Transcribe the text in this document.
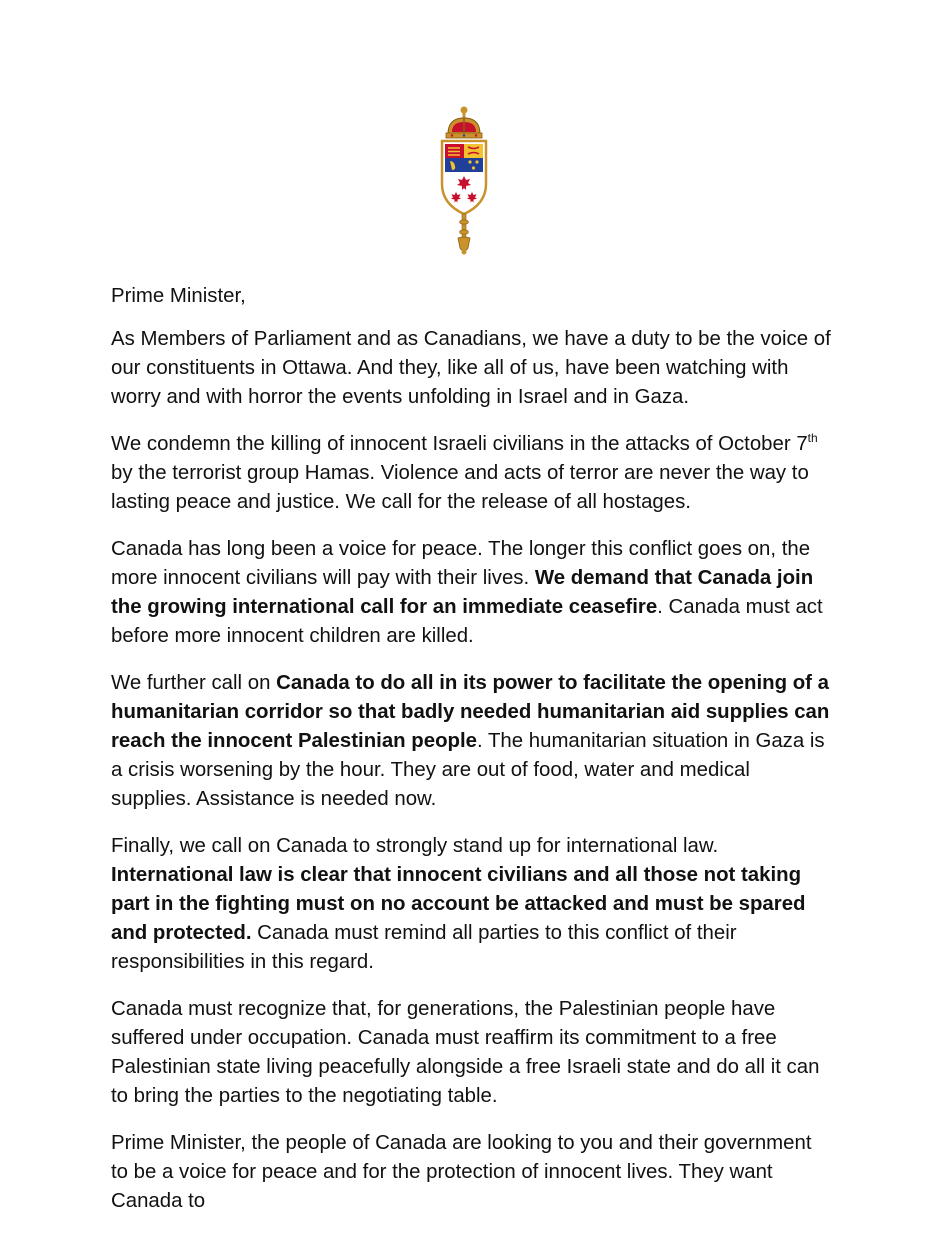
Prime Minister,

As Members of Parliament and as Canadians, we have a duty to be the voice of our constituents in Ottawa. And they, like all of us, have been watching with worry and with horror the events unfolding in Israel and in Gaza.

We condemn the killing of innocent Israeli civilians in the attacks of October 7th by the terrorist group Hamas. Violence and acts of terror are never the way to lasting peace and justice. We call for the release of all hostages.

Canada has long been a voice for peace. The longer this conflict goes on, the more innocent civilians will pay with their lives. We demand that Canada join the growing international call for an immediate ceasefire. Canada must act before more innocent children are killed.

We further call on Canada to do all in its power to facilitate the opening of a humanitarian corridor so that badly needed humanitarian aid supplies can reach the innocent Palestinian people. The humanitarian situation in Gaza is a crisis worsening by the hour. They are out of food, water and medical supplies. Assistance is needed now.

Finally, we call on Canada to strongly stand up for international law. International law is clear that innocent civilians and all those not taking part in the fighting must on no account be attacked and must be spared and protected. Canada must remind all parties to this conflict of their responsibilities in this regard.

Canada must recognize that, for generations, the Palestinian people have suffered under occupation. Canada must reaffirm its commitment to a free Palestinian state living peacefully alongside a free Israeli state and do all it can to bring the parties to the negotiating table.

Prime Minister, the people of Canada are looking to you and their government to be a voice for peace and for the protection of innocent lives. They want Canada to
